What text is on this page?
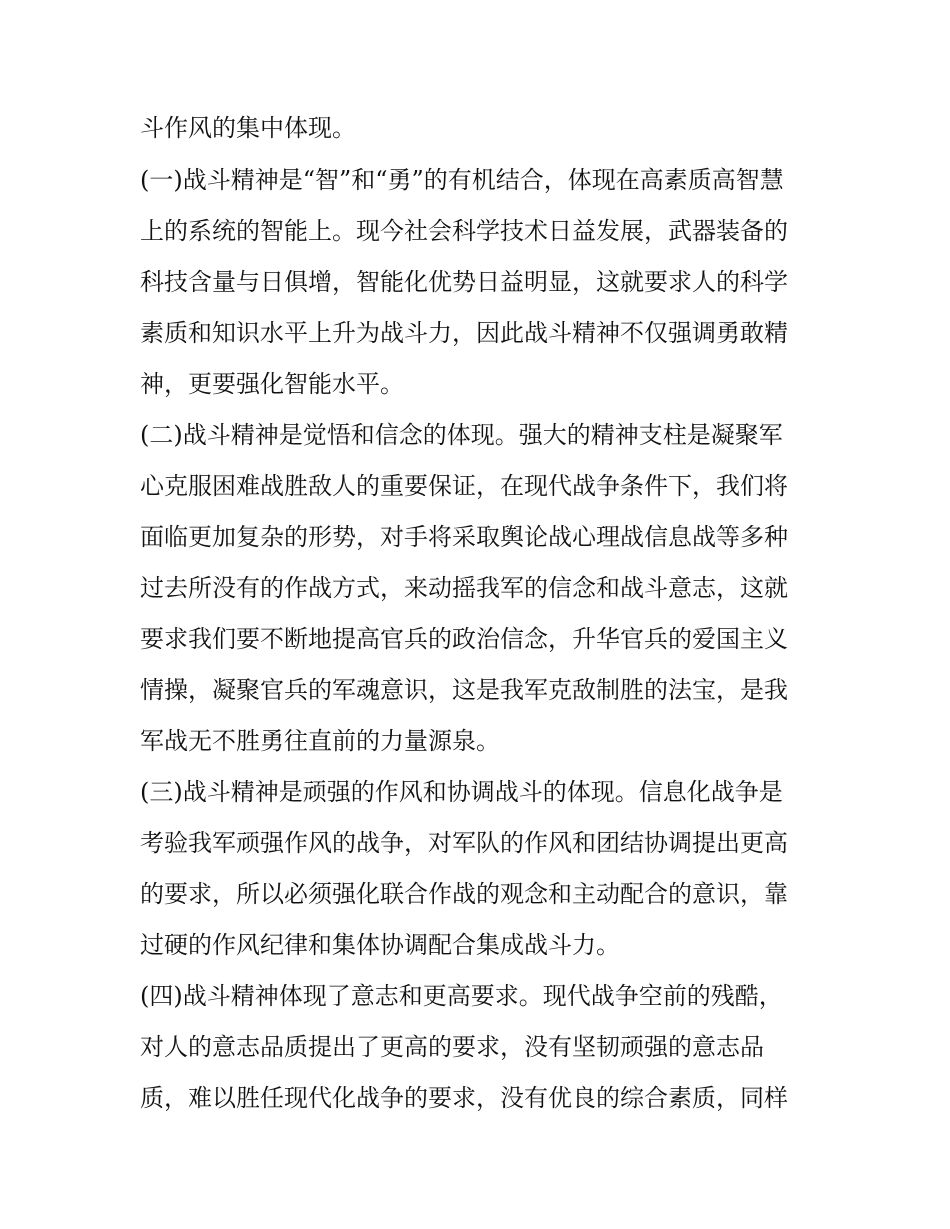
斗作风的集中体现。
(一)战斗精神是“智”和“勇”的有机结合，体现在高素质高智慧
上的系统的智能上。现今社会科学技术日益发展，武器装备的
科技含量与日俱增，智能化优势日益明显，这就要求人的科学
素质和知识水平上升为战斗力，因此战斗精神不仅强调勇敢精
神，更要强化智能水平。
(二)战斗精神是觉悟和信念的体现。强大的精神支柱是凝聚军
心克服困难战胜敌人的重要保证，在现代战争条件下，我们将
面临更加复杂的形势，对手将采取舆论战心理战信息战等多种
过去所没有的作战方式，来动摇我军的信念和战斗意志，这就
要求我们要不断地提高官兵的政治信念，升华官兵的爱国主义
情操，凝聚官兵的军魂意识，这是我军克敌制胜的法宝，是我
军战无不胜勇往直前的力量源泉。
(三)战斗精神是顽强的作风和协调战斗的体现。信息化战争是
考验我军顽强作风的战争，对军队的作风和团结协调提出更高
的要求，所以必须强化联合作战的观念和主动配合的意识，靠
过硬的作风纪律和集体协调配合集成战斗力。
(四)战斗精神体现了意志和更高要求。现代战争空前的残酷，
对人的意志品质提出了更高的要求，没有坚韧顽强的意志品
质，难以胜任现代化战争的要求，没有优良的综合素质，同样
